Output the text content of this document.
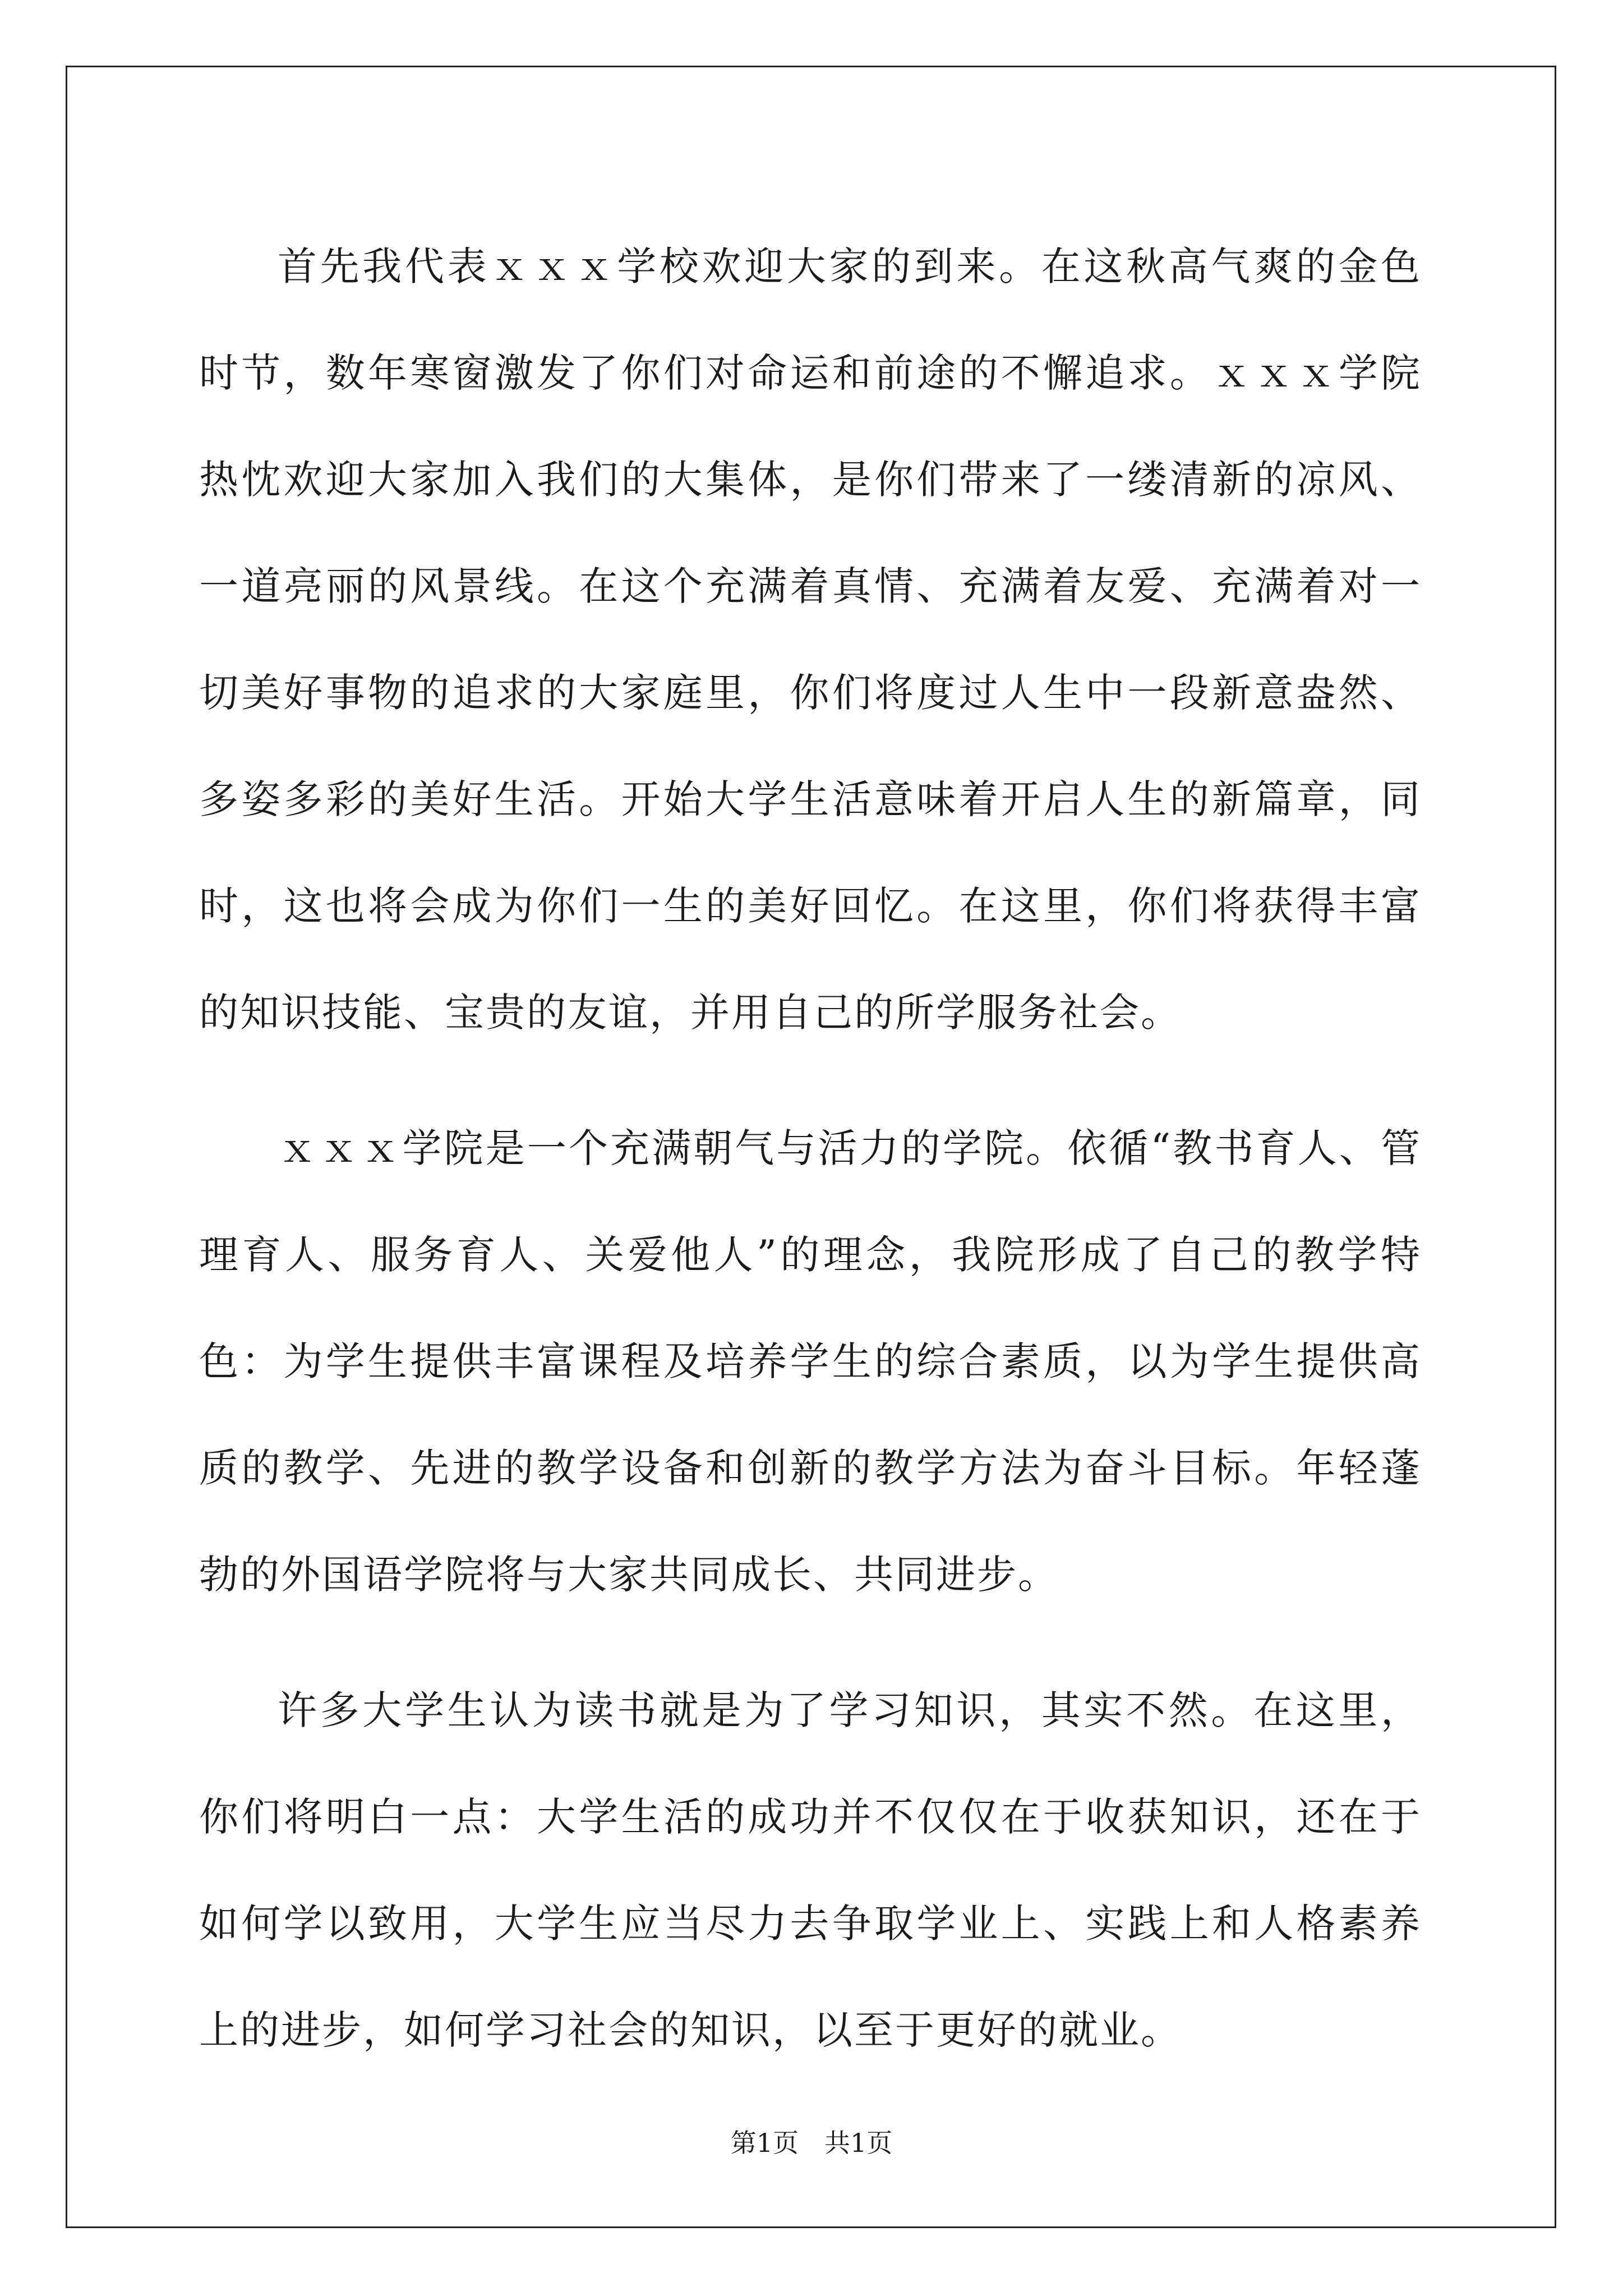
首先我代表ｘｘｘ学校欢迎大家的到来。在这秋高气爽的金色时节，数年寒窗激发了你们对命运和前途的不懈追求。ｘｘｘ学院热忱欢迎大家加入我们的大集体，是你们带来了一缕清新的凉风、一道亮丽的风景线。在这个充满着真情、充满着友爱、充满着对一切美好事物的追求的大家庭里，你们将度过人生中一段新意盎然、多姿多彩的美好生活。开始大学生活意味着开启人生的新篇章，同时，这也将会成为你们一生的美好回忆。在这里，你们将获得丰富的知识技能、宝贵的友谊，并用自己的所学服务社会。

ｘｘｘ学院是一个充满朝气与活力的学院。依循“教书育人、管理育人、服务育人、关爱他人”的理念，我院形成了自己的教学特色：为学生提供丰富课程及培养学生的综合素质，以为学生提供高质的教学、先进的教学设备和创新的教学方法为奋斗目标。年轻蓬勃的外国语学院将与大家共同成长、共同进步。

许多大学生认为读书就是为了学习知识，其实不然。在这里，你们将明白一点：大学生活的成功并不仅仅在于收获知识，还在于如何学以致用，大学生应当尽力去争取学业上、实践上和人格素养上的进步，如何学习社会的知识，以至于更好的就业。

第1页　共1页
